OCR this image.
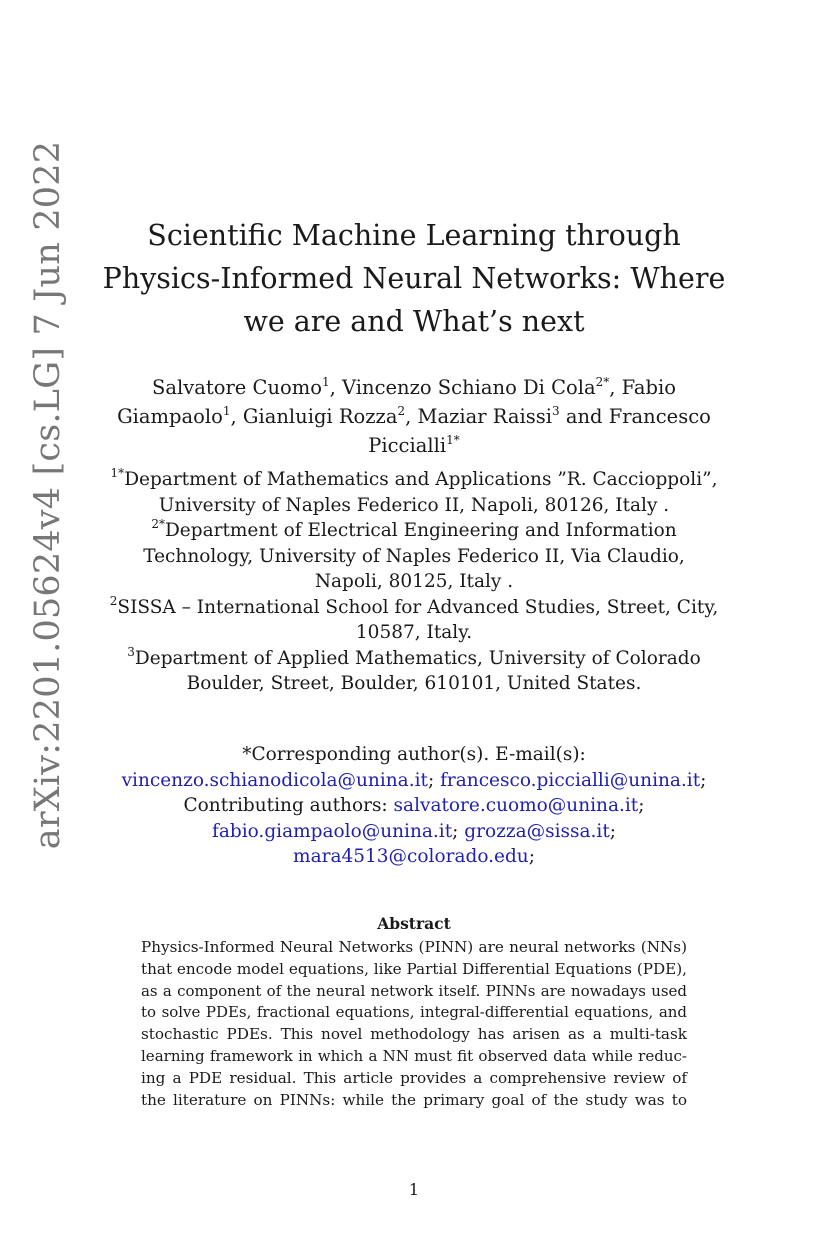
arXiv:2201.05624v4 [cs.LG] 7 Jun 2022	Scientific Machine Learning through
Physics-Informed Neural Networks: Where
we are and What’s next
Salvatore Cuomo$^1$, Vincenzo Schiano Di Cola$^{2*}$, Fabio
Giampaolo$^1$, Gianluigi Rozza$^2$, Maziar Raissi$^3$ and Francesco
Piccialli$^{1*}$
$^{1*}$Department of Mathematics and Applications ”R. Caccioppoli”,
University of Naples Federico II, Napoli, 80126, Italy .
$^{2*}$Department of Electrical Engineering and Information
Technology, University of Naples Federico II, Via Claudio,
Napoli, 80125, Italy .
$^2$SISSA – International School for Advanced Studies, Street, City,
10587, Italy.
$^3$Department of Applied Mathematics, University of Colorado
Boulder, Street, Boulder, 610101, United States.
*Corresponding author(s). E-mail(s):
vincenzo.schianodicola@unina.it; francesco.piccialli@unina.it;
Contributing authors: salvatore.cuomo@unina.it;
fabio.giampaolo@unina.it; grozza@sissa.it;
mara4513@colorado.edu;
Abstract
Physics-Informed Neural Networks (PINN) are neural networks (NNs)
that encode model equations, like Partial Differential Equations (PDE),
as a component of the neural network itself. PINNs are nowadays used
to solve PDEs, fractional equations, integral-differential equations, and
stochastic PDEs. This novel methodology has arisen as a multi-task
learning framework in which a NN must fit observed data while reduc-
ing a PDE residual. This article provides a comprehensive review of
the literature on PINNs: while the primary goal of the study was to
1
